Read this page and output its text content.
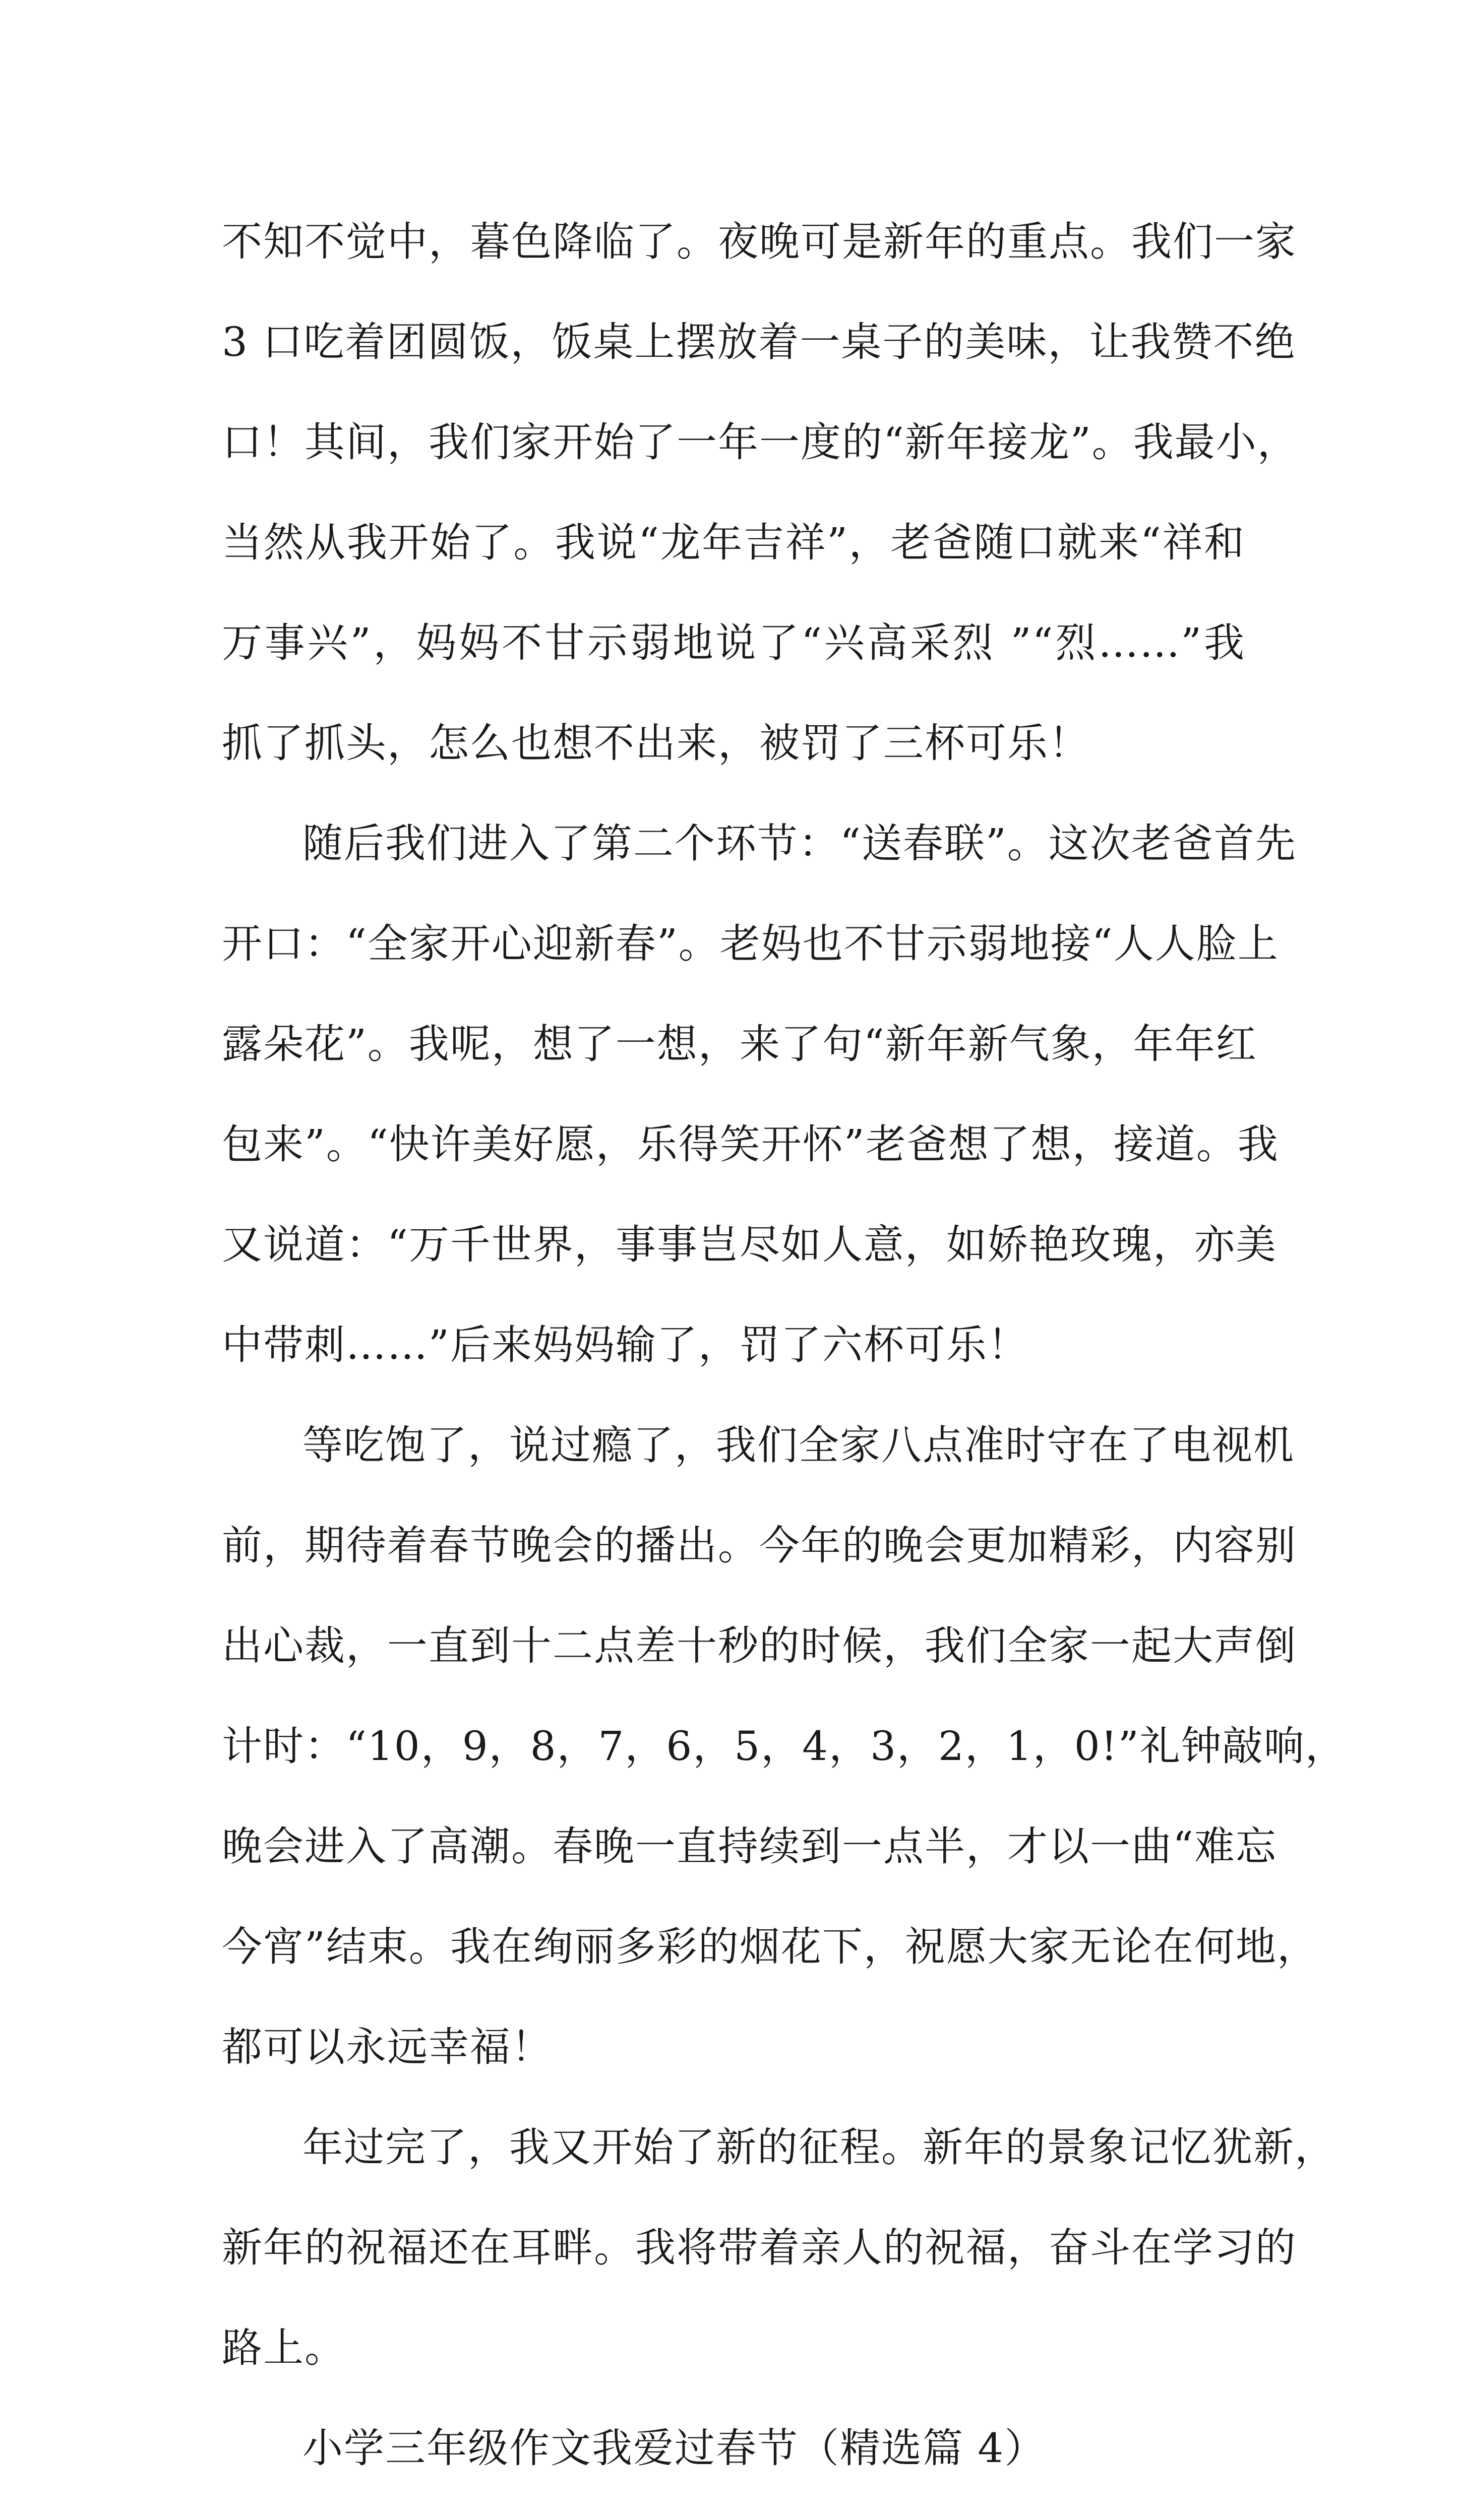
不知不觉中，暮色降临了。夜晚可是新年的重点。我们一家
3 口吃着团圆饭，饭桌上摆放着一桌子的美味，让我赞不绝
口！其间，我们家开始了一年一度的“新年接龙”。我最小，
当然从我开始了。我说“龙年吉祥”，老爸随口就来“祥和
万事兴”，妈妈不甘示弱地说了“兴高采烈 ”“烈……”我
抓了抓头，怎么也想不出来，被罚了三杯可乐！
随后我们进入了第二个环节：“送春联”。这次老爸首先
开口：“全家开心迎新春”。老妈也不甘示弱地接“人人脸上
露朵花”。我呢，想了一想，来了句“新年新气象，年年红
包来”。“快许美好愿，乐得笑开怀”老爸想了想，接道。我
又说道：“万千世界，事事岂尽如人意，如娇艳玫瑰，亦美
中带刺……”后来妈妈输了，罚了六杯可乐！
等吃饱了，说过瘾了，我们全家八点准时守在了电视机
前，期待着春节晚会的播出。今年的晚会更加精彩，内容别
出心裁，一直到十二点差十秒的时候，我们全家一起大声倒
计时：“10，9，8，7，6，5，4，3，2，1，0!”礼钟敲响，
晚会进入了高潮。春晚一直持续到一点半，才以一曲“难忘
今宵”结束。我在绚丽多彩的烟花下，祝愿大家无论在何地，
都可以永远幸福！
年过完了，我又开始了新的征程。新年的景象记忆犹新，
新年的祝福还在耳畔。我将带着亲人的祝福，奋斗在学习的
路上。
小学三年级作文我爱过春节（精选篇 4）
